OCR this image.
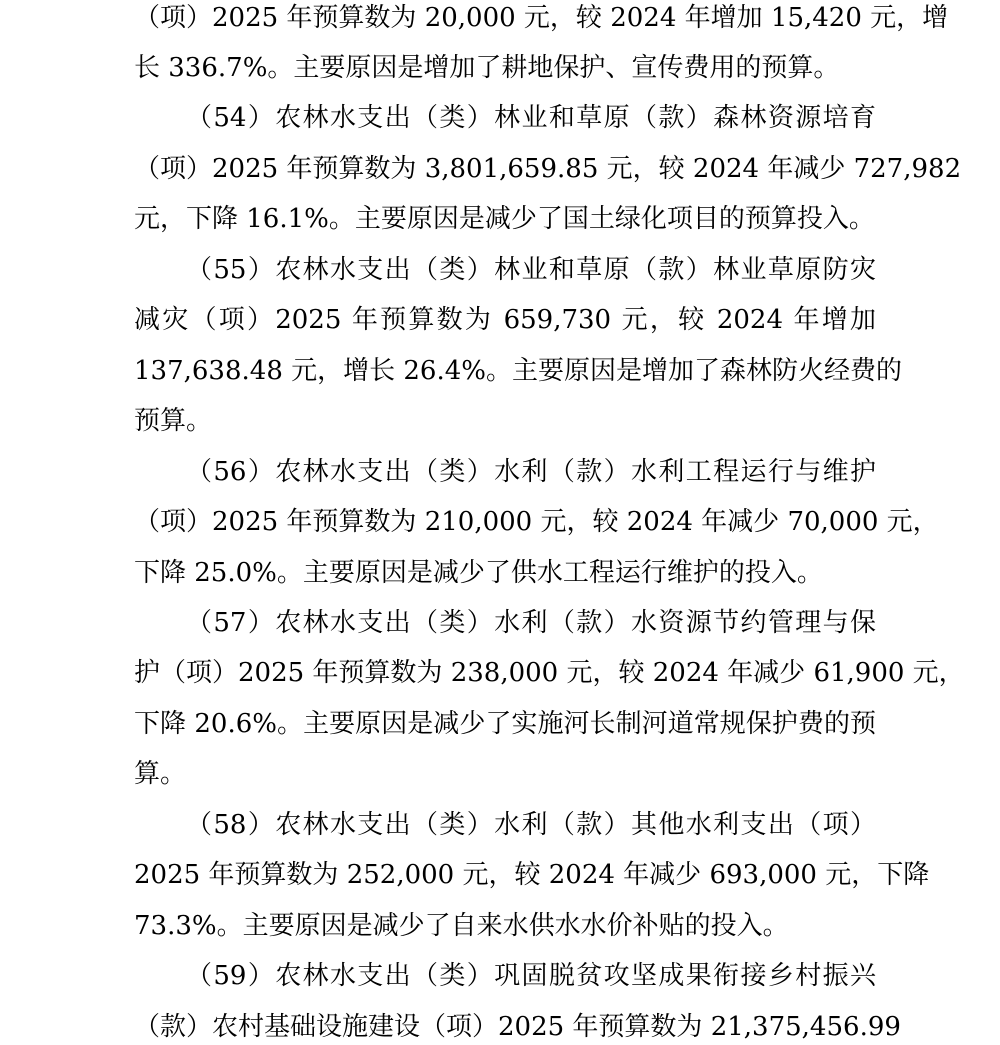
（项）2025 年预算数为 20,000 元，较 2024 年增加 15,420 元，增
长 336.7%。主要原因是增加了耕地保护、宣传费用的预算。
（54）农林水支出（类）林业和草原（款）森林资源培育
（项）2025 年预算数为 3,801,659.85 元，较 2024 年减少 727,982
元，下降 16.1%。主要原因是减少了国土绿化项目的预算投入。
（55）农林水支出（类）林业和草原（款）林业草原防灾
减灾（项）2025 年预算数为 659,730 元，较 2024 年增加
137,638.48 元，增长 26.4%。主要原因是增加了森林防火经费的
预算。
（56）农林水支出（类）水利（款）水利工程运行与维护
（项）2025 年预算数为 210,000 元，较 2024 年减少 70,000 元，
下降 25.0%。主要原因是减少了供水工程运行维护的投入。
（57）农林水支出（类）水利（款）水资源节约管理与保
护（项）2025 年预算数为 238,000 元，较 2024 年减少 61,900 元，
下降 20.6%。主要原因是减少了实施河长制河道常规保护费的预
算。
（58）农林水支出（类）水利（款）其他水利支出（项）
2025 年预算数为 252,000 元，较 2024 年减少 693,000 元，下降
73.3%。主要原因是减少了自来水供水水价补贴的投入。
（59）农林水支出（类）巩固脱贫攻坚成果衔接乡村振兴
（款）农村基础设施建设（项）2025 年预算数为 21,375,456.99
